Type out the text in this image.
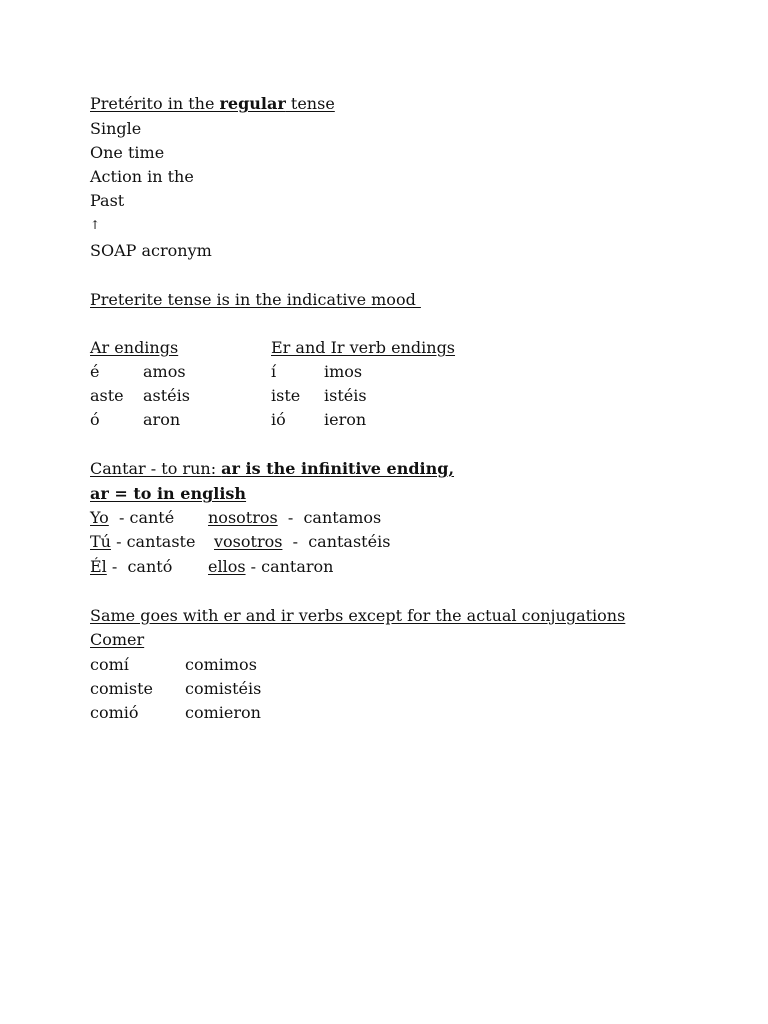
Pretérito in the regular tense
Single
One time
Action in the
Past
↑
SOAP acronym
Preterite tense is in the indicative mood
Ar endings	Er and Ir verb endings
é	amos	í	imos
aste astéis	iste istéis
ó	aron	ió ieron
Cantar - to run: ar is the infinitive ending,
ar = to in english
Yo  - canté nosotros  -  cantamos
Tú - cantaste vosotros  -  cantastéis
Él -  cantó ellos - cantaron
Same goes with er and ir verbs except for the actual conjugations
Comer
comí	comimos
comiste comistéis
comió	comieron
